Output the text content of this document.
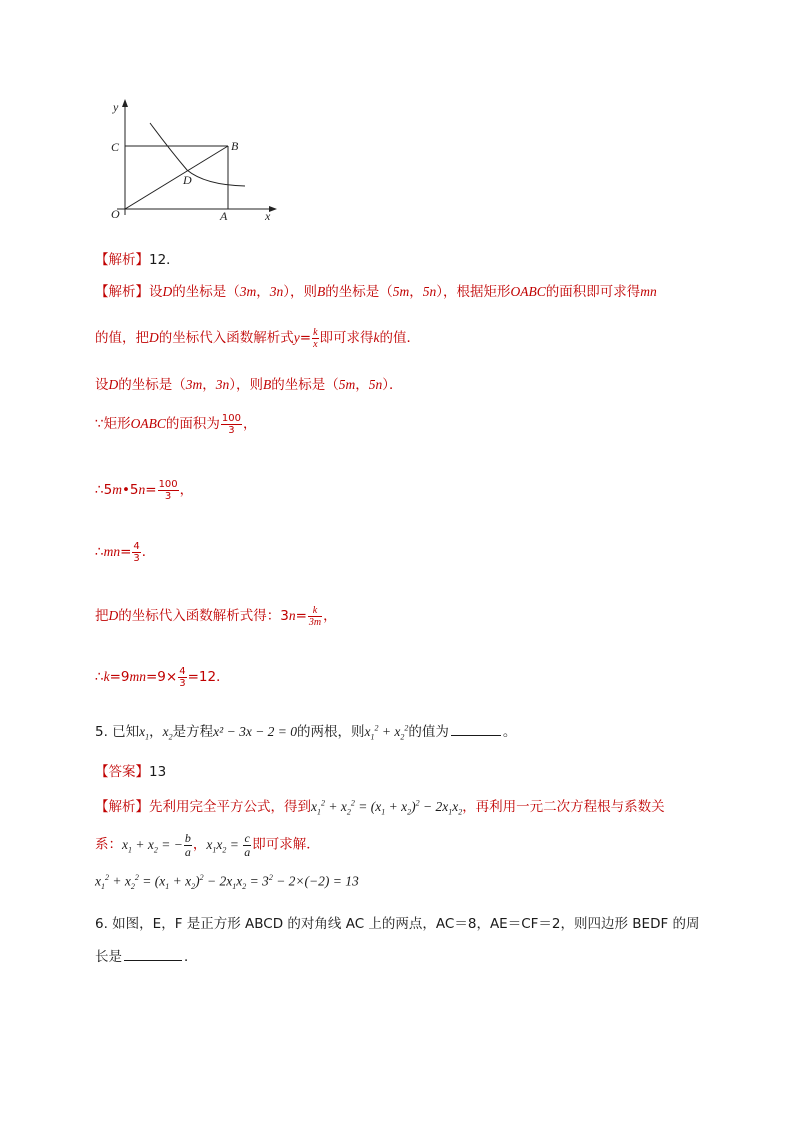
y
C	B
D
O	A	x
【解析】12．
【解析】设D的坐标是（3m，3n），则B的坐标是（5m，5n），根据矩形OABC的面积即可求得mn
的值，把D的坐标代入函数解析式$y= \frac{k}{x}$ 即可求得k的值．
设D的坐标是（3m，3n），则B的坐标是（5m，5n）．
∵矩形OABC的面积为 $\frac{100}{3}$ ，
∴5m•5n= $\frac{100}{3}$ ，
∴mn= $\frac{4}{3}$ ．
把D的坐标代入函数解析式得：$3n= \frac{k}{3m}$ ，
∴k=9mn=9× $\frac{4}{3} =12$．
5. 已知$x_1$，$x_2$是方程x² − 3x − 2 = 0的两根，则$x_1^2 + x_2^2$的值为	。
【答案】13
【解析】先利用完全平方公式，得到$x_1^2 + x_2^2 = (x_1 + x_2)^2 - 2x_1x_2$，再利用一元二次方程根与系数关
系：$x_1 + x_2$ = − $\frac{b}{a}$ ，$x_1x_2 = \frac{c}{a}$ 即可求解．
$x_1^2 + x_2^2 = (x_1 + x_2)^2 - 2x_1x_2 = 3^2 - 2\times(-2) = 13$
6. 如图，E，F 是正方形 ABCD 的对角线 AC 上的两点，AC＝8，AE＝CF＝2，则四边形 BEDF 的周
长是	．
